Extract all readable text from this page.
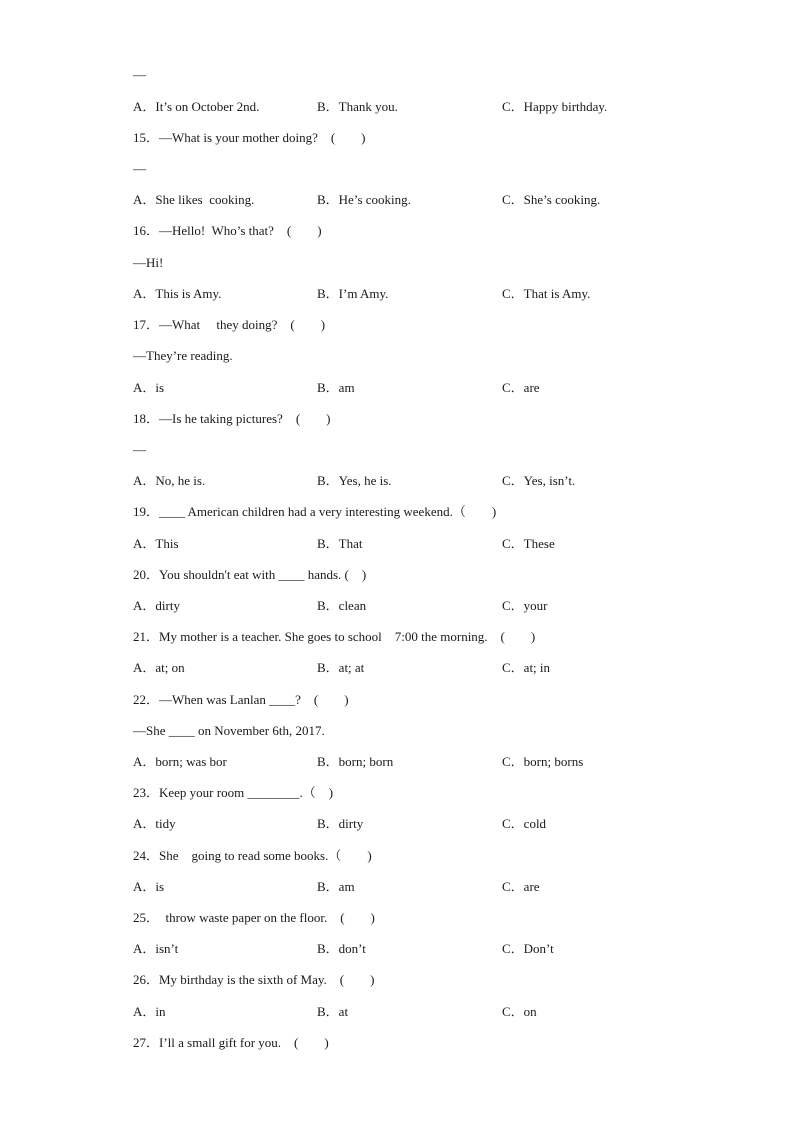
—
A．It’s on October 2nd.	B．Thank you.	C．Happy birthday.
15．—What is your mother doing?　(　　)
—
A．She likes  cooking.	B．He’s cooking.	C．She’s cooking.
16．—Hello!  Who’s that?　(　　)
—Hi!
A．This is Amy.	B．I’m Amy.	C．That is Amy.
17．—What　 they doing?　(　　)
—They’re reading.
A．is	B．am	C．are
18．—Is he taking pictures?　(　　)
—
A．No, he is.	B．Yes, he is.	C．Yes, isn’t.
19．____ American children had a very interesting weekend.（　　)
A．This	B．That	C．These
20．You shouldn't eat with ____ hands. (　)
A．dirty	B．clean	C．your
21．My mother is a teacher. She goes to school　7:00 the morning.　(　　)
A．at; on	B．at; at	C．at; in
22．—When was Lanlan ____?　(　　)
—She ____ on November 6th, 2017.
A．born; was bor	B．born; born	C．born; borns
23．Keep your room ________.（　)
A．tidy	B．dirty	C．cold
24．She　going to read some books.（　　)
A．is	B．am	C．are
25．　throw waste paper on the floor.　(　　)
A．isn’t	B．don’t	C．Don’t
26．My birthday is the sixth of May.　(　　)
A．in	B．at	C．on
27．I’ll a small gift for you.　(　　)
